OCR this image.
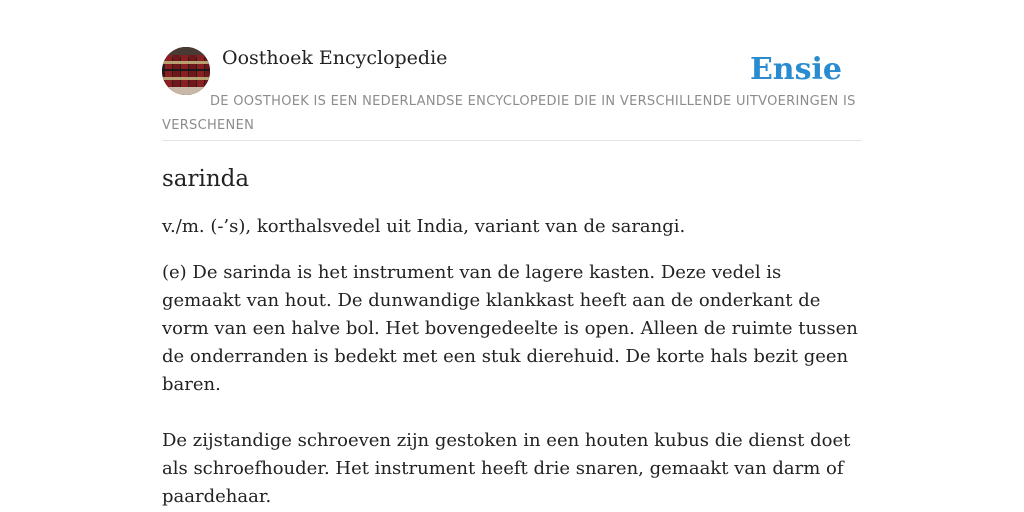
Oosthoek Encyclopedie	Ensie

DE OOSTHOEK IS EEN NEDERLANDSE ENCYCLOPEDIE DIE IN VERSCHILLENDE UITVOERINGEN IS VERSCHENEN

sarinda

v./m. (-’s), korthalsvedel uit India, variant van de sarangi.

(e) De sarinda is het instrument van de lagere kasten. Deze vedel is gemaakt van hout. De dunwandige klankkast heeft aan de onderkant de vorm van een halve bol. Het bovengedeelte is open. Alleen de ruimte tussen de onderranden is bedekt met een stuk dierehuid. De korte hals bezit geen baren.

De zijstandige schroeven zijn gestoken in een houten kubus die dienst doet als schroefhouder. Het instrument heeft drie snaren, gemaakt van darm of paardehaar.
